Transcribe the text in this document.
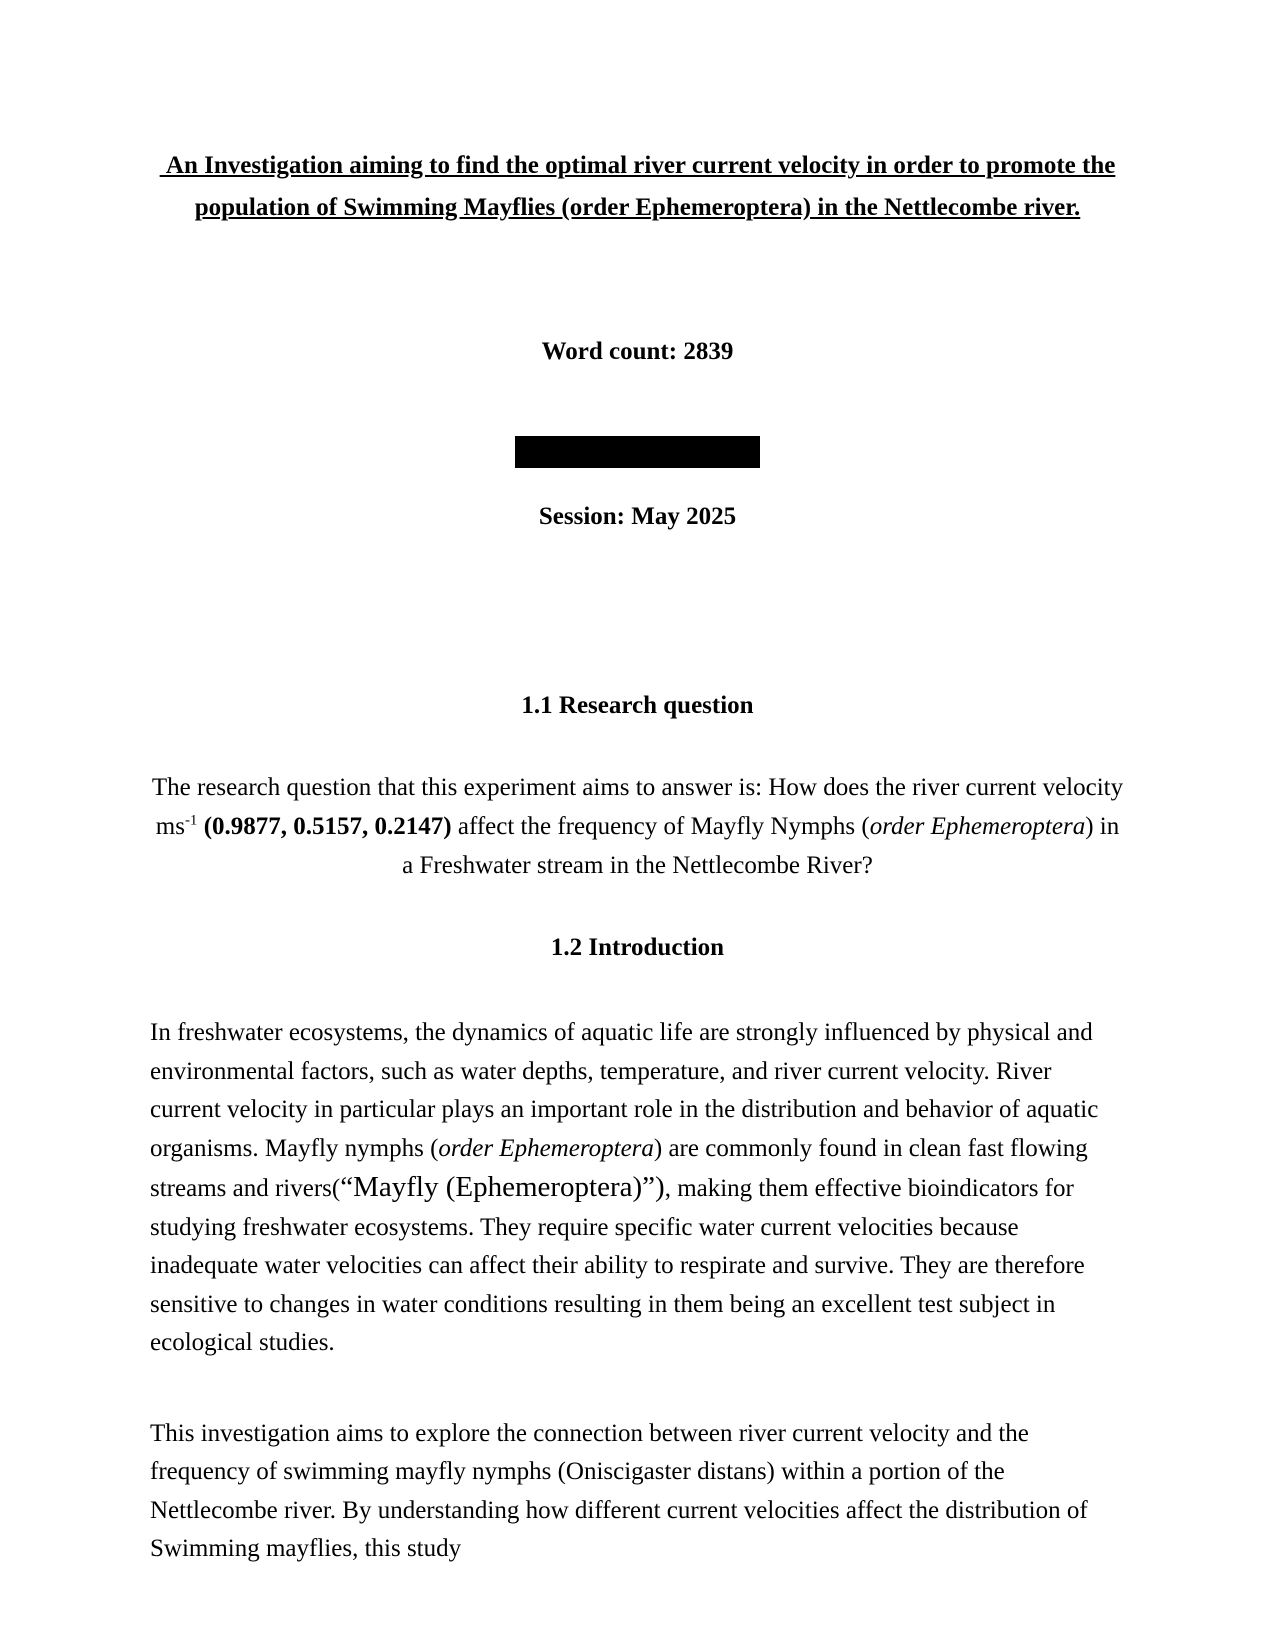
An Investigation aiming to find the optimal river current velocity in order to promote the
population of Swimming Mayflies (order Ephemeroptera) in the Nettlecombe river.
Word count: 2839
Session: May 2025
1.1 Research question
The research question that this experiment aims to answer is: How does the river current velocity $ms^{-1}$ (0.9877, 0.5157, 0.2147) affect the frequency of Mayfly Nymphs (order Ephemeroptera) in a Freshwater stream in the Nettlecombe River?
1.2 Introduction
In freshwater ecosystems, the dynamics of aquatic life are strongly influenced by physical and environmental factors, such as water depths, temperature, and river current velocity. River current velocity in particular plays an important role in the distribution and behavior of aquatic organisms. Mayfly nymphs (order Ephemeroptera) are commonly found in clean fast flowing streams and rivers(“Mayfly (Ephemeroptera)”), making them effective bioindicators for studying freshwater ecosystems. They require specific water current velocities because inadequate water velocities can affect their ability to respirate and survive. They are therefore sensitive to changes in water conditions resulting in them being an excellent test subject in ecological studies.
This investigation aims to explore the connection between river current velocity and the frequency of swimming mayfly nymphs (Oniscigaster distans) within a portion of the Nettlecombe river. By understanding how different current velocities affect the distribution of Swimming mayflies, this study
